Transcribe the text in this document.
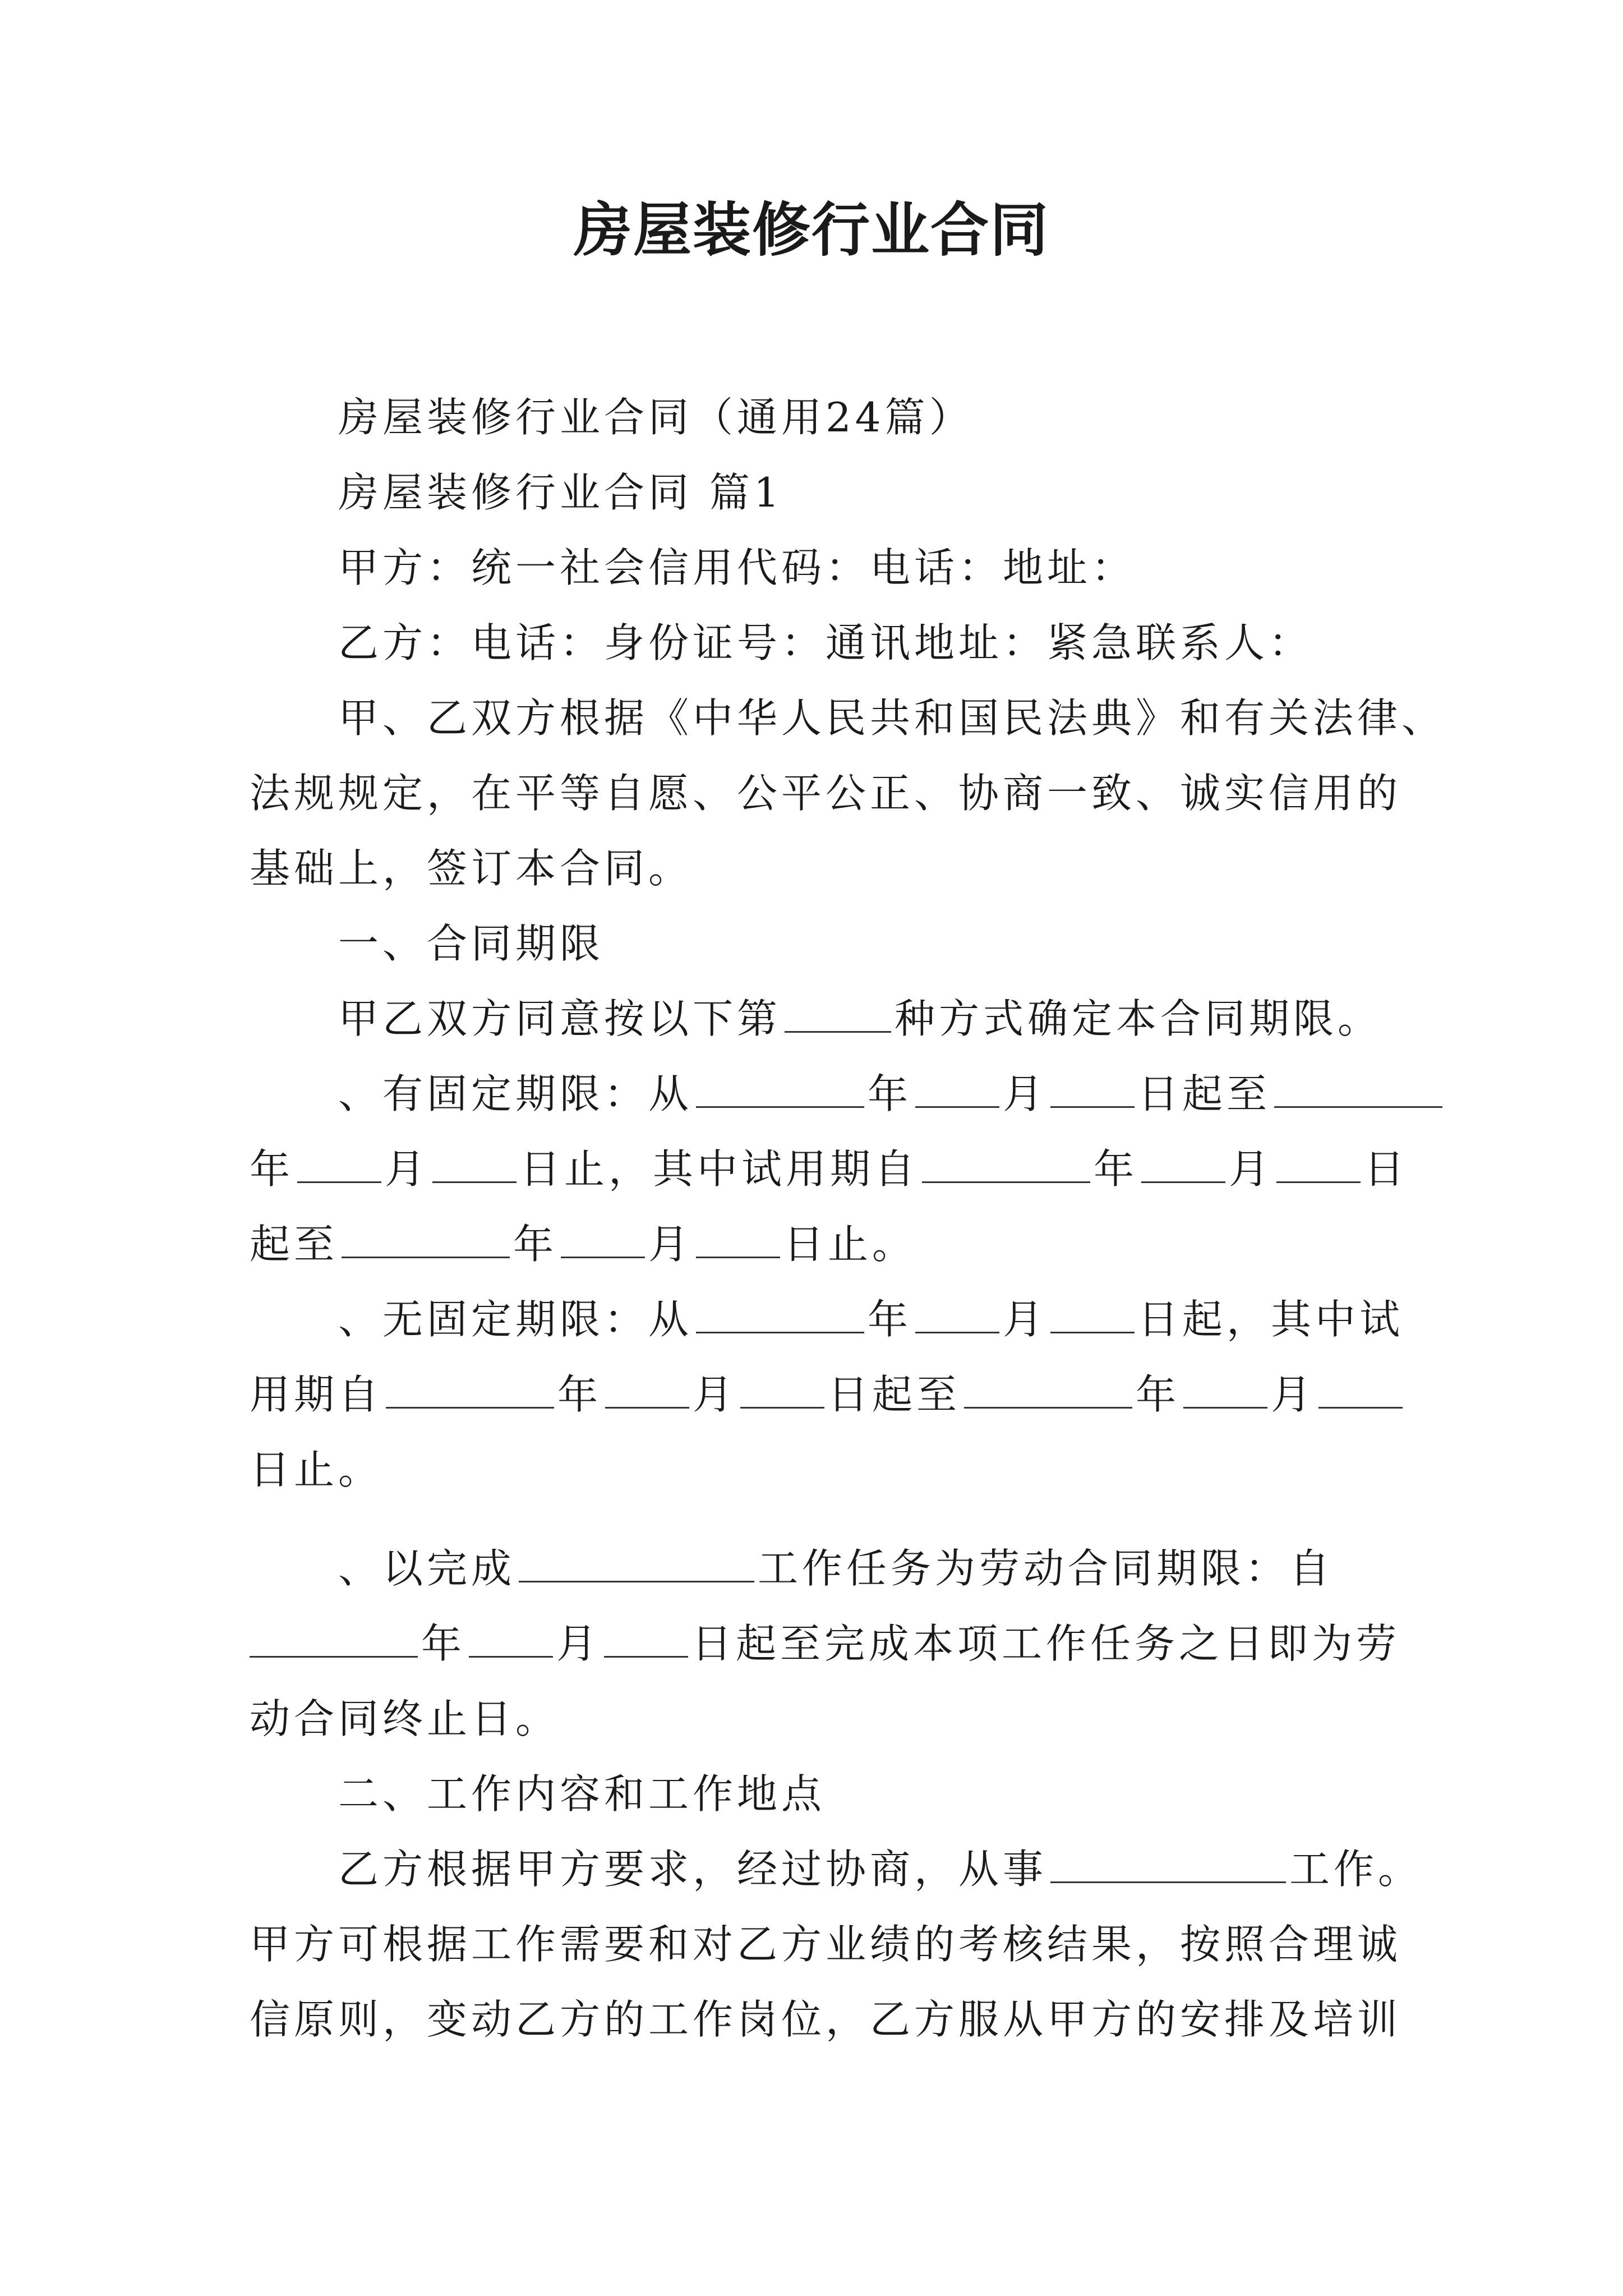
房屋装修行业合同
房屋装修行业合同（通用24篇）
房屋装修行业合同 篇1
甲方：统一社会信用代码：电话：地址：
乙方：电话：身份证号：通讯地址：紧急联系人：
甲、乙双方根据《中华人民共和国民法典》和有关法律、
法规规定，在平等自愿、公平公正、协商一致、诚实信用的
基础上，签订本合同。
一、合同期限
甲乙双方同意按以下第	种方式确定本合同期限。
、有固定期限：从	年 月 日起至
年 月 日止，其中试用期自	年 月 日
起至	年 月 日止。
、无固定期限：从	年 月 日起，其中试
用期自	年 月 日起至	年 月
日止。
、以完成	工作任务为劳动合同期限：自
年 月 日起至完成本项工作任务之日即为劳
动合同终止日。
二、工作内容和工作地点
乙方根据甲方要求，经过协商，从事	工作。
甲方可根据工作需要和对乙方业绩的考核结果，按照合理诚
信原则，变动乙方的工作岗位，乙方服从甲方的安排及培训
